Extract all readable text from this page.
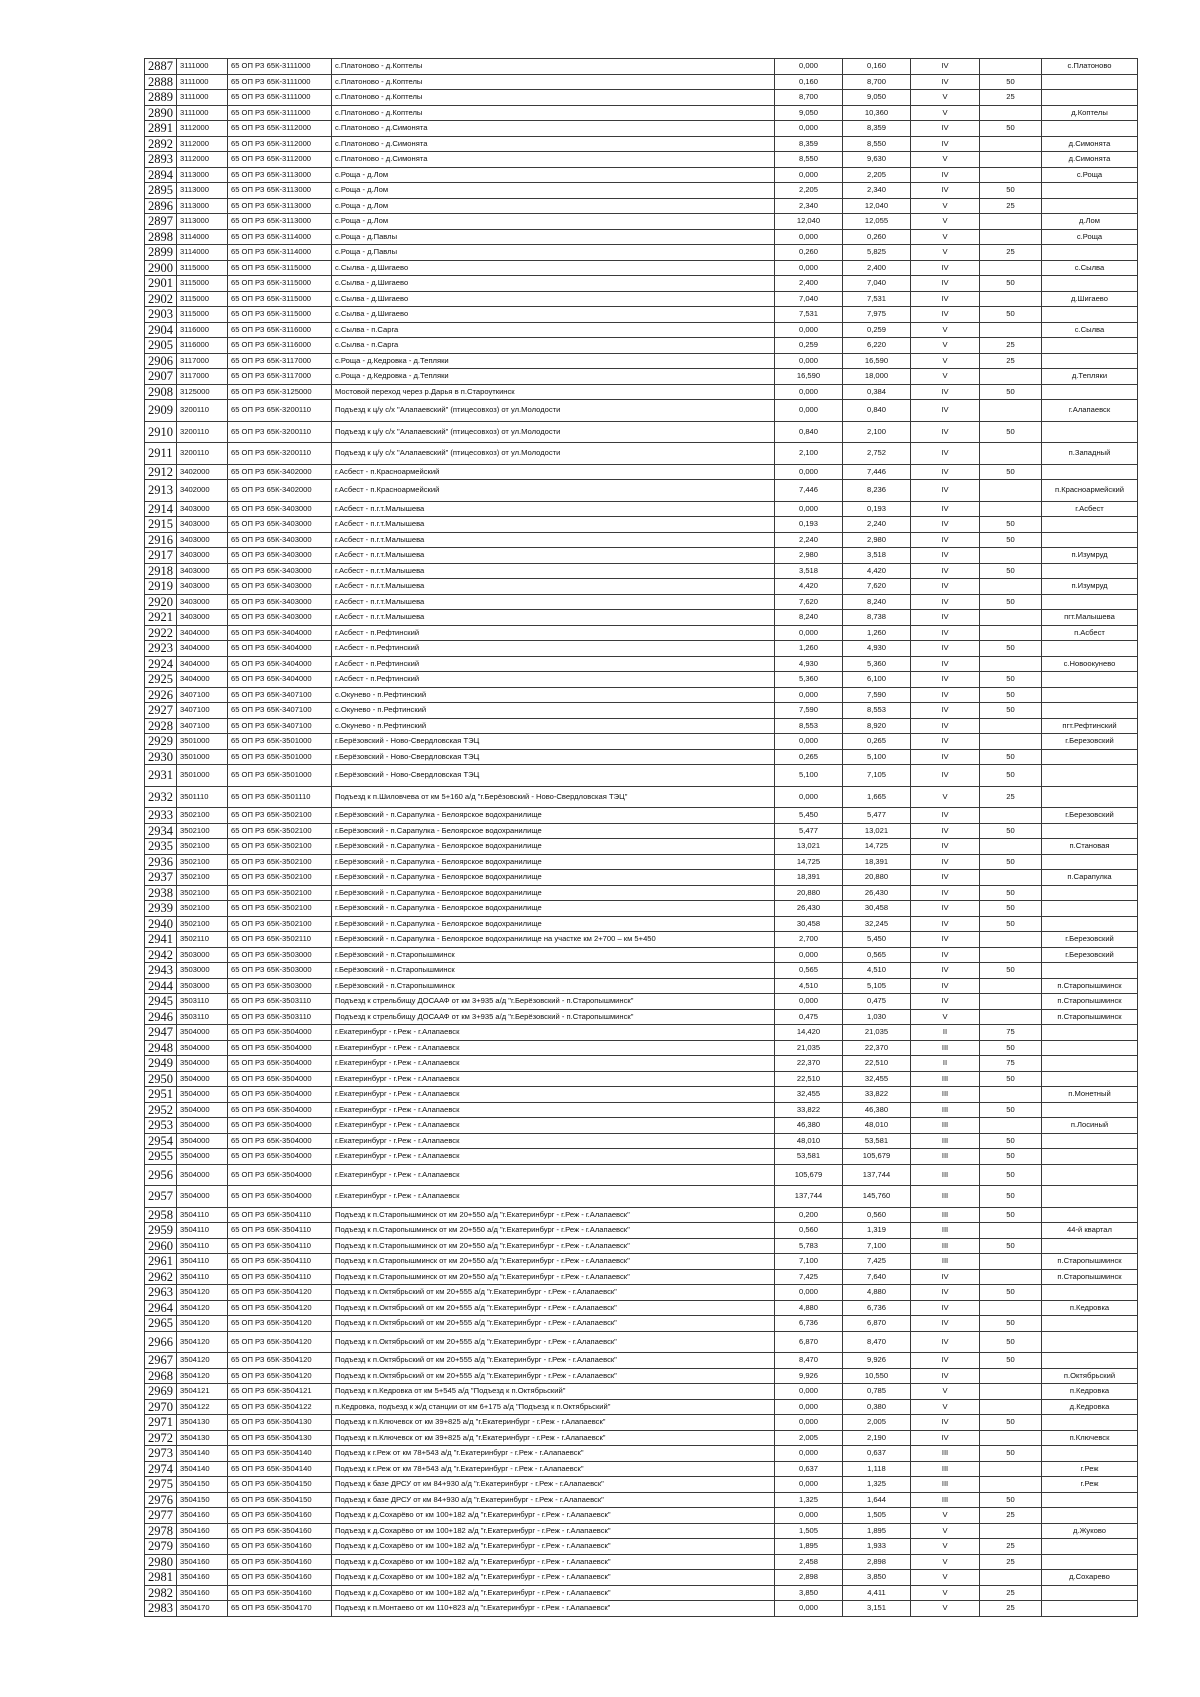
2887	3111000	65 ОП РЗ 65К-3111000	с.Платоново - д.Коптелы	0,000	0,160	IV		с.Платоново
2888	3111000	65 ОП РЗ 65К-3111000	с.Платоново - д.Коптелы	0,160	8,700	IV	50	
2889	3111000	65 ОП РЗ 65К-3111000	с.Платоново - д.Коптелы	8,700	9,050	V	25	
2890	3111000	65 ОП РЗ 65К-3111000	с.Платоново - д.Коптелы	9,050	10,360	V		д.Коптелы
2891	3112000	65 ОП РЗ 65К-3112000	с.Платоново - д.Симонята	0,000	8,359	IV	50	
2892	3112000	65 ОП РЗ 65К-3112000	с.Платоново - д.Симонята	8,359	8,550	IV		д.Симонята
2893	3112000	65 ОП РЗ 65К-3112000	с.Платоново - д.Симонята	8,550	9,630	V		д.Симонята
2894	3113000	65 ОП РЗ 65К-3113000	с.Роща - д.Лом	0,000	2,205	IV		с.Роща
2895	3113000	65 ОП РЗ 65К-3113000	с.Роща - д.Лом	2,205	2,340	IV	50	
2896	3113000	65 ОП РЗ 65К-3113000	с.Роща - д.Лом	2,340	12,040	V	25	
2897	3113000	65 ОП РЗ 65К-3113000	с.Роща - д.Лом	12,040	12,055	V		д.Лом
2898	3114000	65 ОП РЗ 65К-3114000	с.Роща - д.Павлы	0,000	0,260	V		с.Роща
2899	3114000	65 ОП РЗ 65К-3114000	с.Роща - д.Павлы	0,260	5,825	V	25	
2900	3115000	65 ОП РЗ 65К-3115000	с.Сылва - д.Шигаево	0,000	2,400	IV		с.Сылва
2901	3115000	65 ОП РЗ 65К-3115000	с.Сылва - д.Шигаево	2,400	7,040	IV	50	
2902	3115000	65 ОП РЗ 65К-3115000	с.Сылва - д.Шигаево	7,040	7,531	IV		д.Шигаево
2903	3115000	65 ОП РЗ 65К-3115000	с.Сылва - д.Шигаево	7,531	7,975	IV	50	
2904	3116000	65 ОП РЗ 65К-3116000	с.Сылва - п.Сарга	0,000	0,259	V		с.Сылва
2905	3116000	65 ОП РЗ 65К-3116000	с.Сылва - п.Сарга	0,259	6,220	V	25	
2906	3117000	65 ОП РЗ 65К-3117000	с.Роща - д.Кедровка - д.Тепляки	0,000	16,590	V	25	
2907	3117000	65 ОП РЗ 65К-3117000	с.Роща - д.Кедровка - д.Тепляки	16,590	18,000	V		д.Тепляки
2908	3125000	65 ОП РЗ 65К-3125000	Мостовой переход через р.Дарья в п.Староуткинск	0,000	0,384	IV	50	
2909	3200110	65 ОП РЗ 65К-3200110	Подъезд к ц/у с/х "Алапаевский" (птицесовхоз) от ул.Молодости	0,000	0,840	IV		г.Алапаевск
2910	3200110	65 ОП РЗ 65К-3200110	Подъезд к ц/у с/х "Алапаевский" (птицесовхоз) от ул.Молодости	0,840	2,100	IV	50	
2911	3200110	65 ОП РЗ 65К-3200110	Подъезд к ц/у с/х "Алапаевский" (птицесовхоз) от ул.Молодости	2,100	2,752	IV		п.Западный
2912	3402000	65 ОП РЗ 65К-3402000	г.Асбест - п.Красноармейский	0,000	7,446	IV	50	
2913	3402000	65 ОП РЗ 65К-3402000	г.Асбест - п.Красноармейский	7,446	8,236	IV		п.Красноармейский
2914	3403000	65 ОП РЗ 65К-3403000	г.Асбест - п.г.т.Малышева	0,000	0,193	IV		г.Асбест
2915	3403000	65 ОП РЗ 65К-3403000	г.Асбест - п.г.т.Малышева	0,193	2,240	IV	50	
2916	3403000	65 ОП РЗ 65К-3403000	г.Асбест - п.г.т.Малышева	2,240	2,980	IV	50	
2917	3403000	65 ОП РЗ 65К-3403000	г.Асбест - п.г.т.Малышева	2,980	3,518	IV		п.Изумруд
2918	3403000	65 ОП РЗ 65К-3403000	г.Асбест - п.г.т.Малышева	3,518	4,420	IV	50	
2919	3403000	65 ОП РЗ 65К-3403000	г.Асбест - п.г.т.Малышева	4,420	7,620	IV		п.Изумруд
2920	3403000	65 ОП РЗ 65К-3403000	г.Асбест - п.г.т.Малышева	7,620	8,240	IV	50	
2921	3403000	65 ОП РЗ 65К-3403000	г.Асбест - п.г.т.Малышева	8,240	8,738	IV		пгт.Малышева
2922	3404000	65 ОП РЗ 65К-3404000	г.Асбест - п.Рефтинский	0,000	1,260	IV		п.Асбест
2923	3404000	65 ОП РЗ 65К-3404000	г.Асбест - п.Рефтинский	1,260	4,930	IV	50	
2924	3404000	65 ОП РЗ 65К-3404000	г.Асбест - п.Рефтинский	4,930	5,360	IV		с.Новоокунево
2925	3404000	65 ОП РЗ 65К-3404000	г.Асбест - п.Рефтинский	5,360	6,100	IV	50	
2926	3407100	65 ОП РЗ 65К-3407100	с.Окунево - п.Рефтинский	0,000	7,590	IV	50	
2927	3407100	65 ОП РЗ 65К-3407100	с.Окунево - п.Рефтинский	7,590	8,553	IV	50	
2928	3407100	65 ОП РЗ 65К-3407100	с.Окунево - п.Рефтинский	8,553	8,920	IV		пгт.Рефтинский
2929	3501000	65 ОП РЗ 65К-3501000	г.Берёзовский - Ново-Свердловская ТЭЦ	0,000	0,265	IV		г.Березовский
2930	3501000	65 ОП РЗ 65К-3501000	г.Берёзовский - Ново-Свердловская ТЭЦ	0,265	5,100	IV	50	
2931	3501000	65 ОП РЗ 65К-3501000	г.Берёзовский - Ново-Свердловская ТЭЦ	5,100	7,105	IV	50	
2932	3501110	65 ОП РЗ 65К-3501110	Подъезд к п.Шиловчева от км 5+160 а/д "г.Берёзовский - Ново-Свердловская ТЭЦ"	0,000	1,665	V	25	
2933	3502100	65 ОП РЗ 65К-3502100	г.Берёзовский - п.Сарапулка - Белоярское водохранилище	5,450	5,477	IV		г.Березовский
2934	3502100	65 ОП РЗ 65К-3502100	г.Берёзовский - п.Сарапулка - Белоярское водохранилище	5,477	13,021	IV	50	
2935	3502100	65 ОП РЗ 65К-3502100	г.Берёзовский - п.Сарапулка - Белоярское водохранилище	13,021	14,725	IV		п.Становая
2936	3502100	65 ОП РЗ 65К-3502100	г.Берёзовский - п.Сарапулка - Белоярское водохранилище	14,725	18,391	IV	50	
2937	3502100	65 ОП РЗ 65К-3502100	г.Берёзовский - п.Сарапулка - Белоярское водохранилище	18,391	20,880	IV		п.Сарапулка
2938	3502100	65 ОП РЗ 65К-3502100	г.Берёзовский - п.Сарапулка - Белоярское водохранилище	20,880	26,430	IV	50	
2939	3502100	65 ОП РЗ 65К-3502100	г.Берёзовский - п.Сарапулка - Белоярское водохранилище	26,430	30,458	IV	50	
2940	3502100	65 ОП РЗ 65К-3502100	г.Берёзовский - п.Сарапулка - Белоярское водохранилище	30,458	32,245	IV	50	
2941	3502110	65 ОП РЗ 65К-3502110	г.Берёзовский - п.Сарапулка - Белоярское водохранилище на участке км 2+700 – км 5+450	2,700	5,450	IV		г.Березовский
2942	3503000	65 ОП РЗ 65К-3503000	г.Берёзовский - п.Старопышминск	0,000	0,565	IV		г.Березовский
2943	3503000	65 ОП РЗ 65К-3503000	г.Берёзовский - п.Старопышминск	0,565	4,510	IV	50	
2944	3503000	65 ОП РЗ 65К-3503000	г.Берёзовский - п.Старопышминск	4,510	5,105	IV		п.Старопышминск
2945	3503110	65 ОП РЗ 65К-3503110	Подъезд к стрельбищу ДОСААФ от км 3+935 а/д "г.Берёзовский - п.Старопышминск"	0,000	0,475	IV		п.Старопышминск
2946	3503110	65 ОП РЗ 65К-3503110	Подъезд к стрельбищу ДОСААФ от км 3+935 а/д "г.Берёзовский - п.Старопышминск"	0,475	1,030	V		п.Старопышминск
2947	3504000	65 ОП РЗ 65К-3504000	г.Екатеринбург - г.Реж - г.Алапаевск	14,420	21,035	II	75	
2948	3504000	65 ОП РЗ 65К-3504000	г.Екатеринбург - г.Реж - г.Алапаевск	21,035	22,370	III	50	
2949	3504000	65 ОП РЗ 65К-3504000	г.Екатеринбург - г.Реж - г.Алапаевск	22,370	22,510	II	75	
2950	3504000	65 ОП РЗ 65К-3504000	г.Екатеринбург - г.Реж - г.Алапаевск	22,510	32,455	III	50	
2951	3504000	65 ОП РЗ 65К-3504000	г.Екатеринбург - г.Реж - г.Алапаевск	32,455	33,822	III		п.Монетный
2952	3504000	65 ОП РЗ 65К-3504000	г.Екатеринбург - г.Реж - г.Алапаевск	33,822	46,380	III	50	
2953	3504000	65 ОП РЗ 65К-3504000	г.Екатеринбург - г.Реж - г.Алапаевск	46,380	48,010	III		п.Лосиный
2954	3504000	65 ОП РЗ 65К-3504000	г.Екатеринбург - г.Реж - г.Алапаевск	48,010	53,581	III	50	
2955	3504000	65 ОП РЗ 65К-3504000	г.Екатеринбург - г.Реж - г.Алапаевск	53,581	105,679	III	50	
2956	3504000	65 ОП РЗ 65К-3504000	г.Екатеринбург - г.Реж - г.Алапаевск	105,679	137,744	III	50	
2957	3504000	65 ОП РЗ 65К-3504000	г.Екатеринбург - г.Реж - г.Алапаевск	137,744	145,760	III	50	
2958	3504110	65 ОП РЗ 65К-3504110	Подъезд к п.Старопышминск от км 20+550 а/д "г.Екатеринбург - г.Реж - г.Алапаевск"	0,200	0,560	III	50	
2959	3504110	65 ОП РЗ 65К-3504110	Подъезд к п.Старопышминск от км 20+550 а/д "г.Екатеринбург - г.Реж - г.Алапаевск"	0,560	1,319	III		44-й квартал
2960	3504110	65 ОП РЗ 65К-3504110	Подъезд к п.Старопышминск от км 20+550 а/д "г.Екатеринбург - г.Реж - г.Алапаевск"	5,783	7,100	III	50	
2961	3504110	65 ОП РЗ 65К-3504110	Подъезд к п.Старопышминск от км 20+550 а/д "г.Екатеринбург - г.Реж - г.Алапаевск"	7,100	7,425	III		п.Старопышминск
2962	3504110	65 ОП РЗ 65К-3504110	Подъезд к п.Старопышминск от км 20+550 а/д "г.Екатеринбург - г.Реж - г.Алапаевск"	7,425	7,640	IV		п.Старопышминск
2963	3504120	65 ОП РЗ 65К-3504120	Подъезд к п.Октябрьский от км 20+555 а/д "г.Екатеринбург - г.Реж - г.Алапаевск"	0,000	4,880	IV	50	
2964	3504120	65 ОП РЗ 65К-3504120	Подъезд к п.Октябрьский от км 20+555 а/д "г.Екатеринбург - г.Реж - г.Алапаевск"	4,880	6,736	IV		п.Кедровка
2965	3504120	65 ОП РЗ 65К-3504120	Подъезд к п.Октябрьский от км 20+555 а/д "г.Екатеринбург - г.Реж - г.Алапаевск"	6,736	6,870	IV	50	
2966	3504120	65 ОП РЗ 65К-3504120	Подъезд к п.Октябрьский от км 20+555 а/д "г.Екатеринбург - г.Реж - г.Алапаевск"	6,870	8,470	IV	50	
2967	3504120	65 ОП РЗ 65К-3504120	Подъезд к п.Октябрьский от км 20+555 а/д "г.Екатеринбург - г.Реж - г.Алапаевск"	8,470	9,926	IV	50	
2968	3504120	65 ОП РЗ 65К-3504120	Подъезд к п.Октябрьский от км 20+555 а/д "г.Екатеринбург - г.Реж - г.Алапаевск"	9,926	10,550	IV		п.Октябрьский
2969	3504121	65 ОП РЗ 65К-3504121	Подъезд к п.Кедровка от км 5+545 а/д "Подъезд к п.Октябрьский"	0,000	0,785	V		п.Кедровка
2970	3504122	65 ОП РЗ 65К-3504122	п.Кедровка, подъезд к ж/д станции от км 6+175 а/д "Подъезд к п.Октябрьский"	0,000	0,380	V		д.Кедровка
2971	3504130	65 ОП РЗ 65К-3504130	Подъезд к п.Ключевск от км 39+825 а/д "г.Екатеринбург - г.Реж - г.Алапаевск"	0,000	2,005	IV	50	
2972	3504130	65 ОП РЗ 65К-3504130	Подъезд к п.Ключевск от км 39+825 а/д "г.Екатеринбург - г.Реж - г.Алапаевск"	2,005	2,190	IV		п.Ключевск
2973	3504140	65 ОП РЗ 65К-3504140	Подъезд к г.Реж от км 78+543 а/д "г.Екатеринбург - г.Реж - г.Алапаевск"	0,000	0,637	III	50	
2974	3504140	65 ОП РЗ 65К-3504140	Подъезд к г.Реж от км 78+543 а/д "г.Екатеринбург - г.Реж - г.Алапаевск"	0,637	1,118	III		г.Реж
2975	3504150	65 ОП РЗ 65К-3504150	Подъезд к базе ДРСУ от км 84+930 а/д "г.Екатеринбург - г.Реж - г.Алапаевск"	0,000	1,325	III		г.Реж
2976	3504150	65 ОП РЗ 65К-3504150	Подъезд к базе ДРСУ от км 84+930 а/д "г.Екатеринбург - г.Реж - г.Алапаевск"	1,325	1,644	III	50	
2977	3504160	65 ОП РЗ 65К-3504160	Подъезд к д.Сохарёво от км 100+182 а/д "г.Екатеринбург - г.Реж - г.Алапаевск"	0,000	1,505	V	25	
2978	3504160	65 ОП РЗ 65К-3504160	Подъезд к д.Сохарёво от км 100+182 а/д "г.Екатеринбург - г.Реж - г.Алапаевск"	1,505	1,895	V		д.Жуково
2979	3504160	65 ОП РЗ 65К-3504160	Подъезд к д.Сохарёво от км 100+182 а/д "г.Екатеринбург - г.Реж - г.Алапаевск"	1,895	1,933	V	25	
2980	3504160	65 ОП РЗ 65К-3504160	Подъезд к д.Сохарёво от км 100+182 а/д "г.Екатеринбург - г.Реж - г.Алапаевск"	2,458	2,898	V	25	
2981	3504160	65 ОП РЗ 65К-3504160	Подъезд к д.Сохарёво от км 100+182 а/д "г.Екатеринбург - г.Реж - г.Алапаевск"	2,898	3,850	V		д.Сохарево
2982	3504160	65 ОП РЗ 65К-3504160	Подъезд к д.Сохарёво от км 100+182 а/д "г.Екатеринбург - г.Реж - г.Алапаевск"	3,850	4,411	V	25	
2983	3504170	65 ОП РЗ 65К-3504170	Подъезд к п.Монтаево от км 110+823 а/д "г.Екатеринбург - г.Реж - г.Алапаевск"	0,000	3,151	V	25	
